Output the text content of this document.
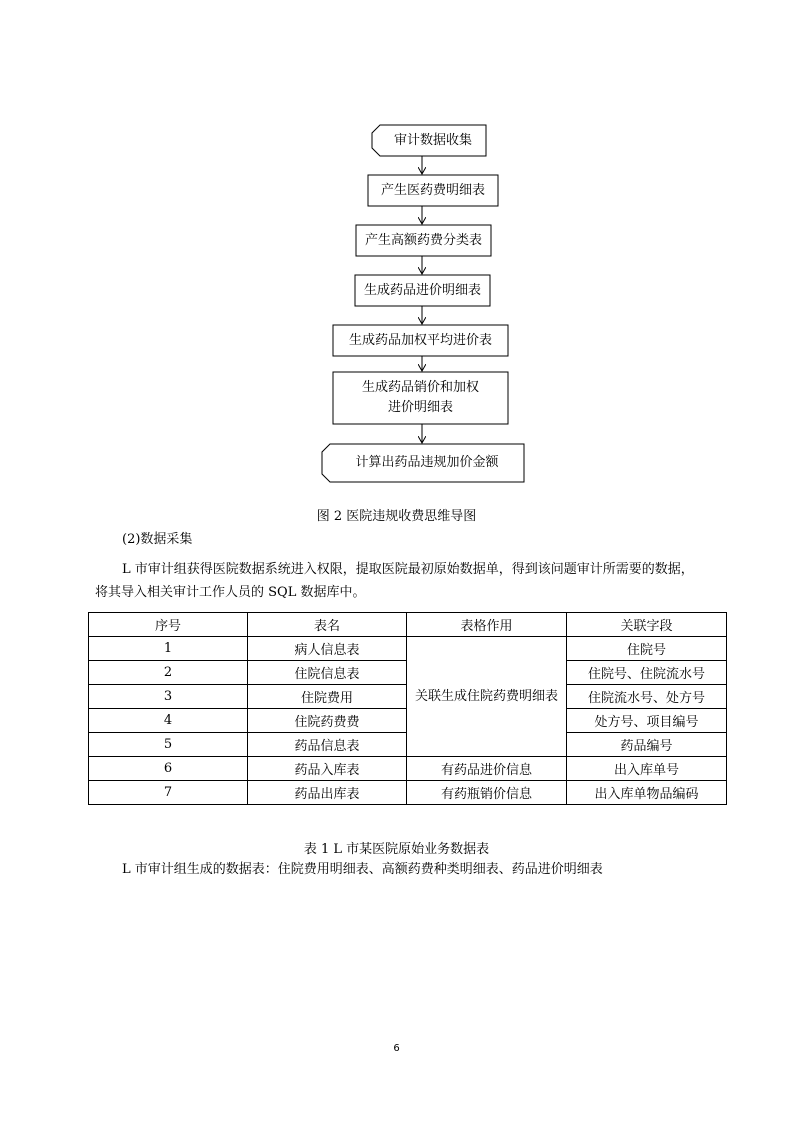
审计数据收集
产生医药费明细表
产生高额药费分类表
生成药品进价明细表
生成药品加权平均进价表
生成药品销价和加权
进价明细表
计算出药品违规加价金额
图 2 医院违规收费思维导图
(2)数据采集
L 市审计组获得医院数据系统进入权限，提取医院最初原始数据单，得到该问题审计所需要的数据，
将其导入相关审计工作人员的 SQL 数据库中。
序号	表名	表格作用	关联字段
1	病人信息表	关联生成住院药费明细表	住院号
2	住院信息表		住院号、住院流水号
3	住院费用		住院流水号、处方号
4	住院药费费		处方号、项目编号
5	药品信息表		药品编号
6	药品入库表	有药品进价信息	出入库单号
7	药品出库表	有药瓶销价信息	出入库单物品编码
表 1 L 市某医院原始业务数据表
L 市审计组生成的数据表：住院费用明细表、高额药费种类明细表、药品进价明细表
6
